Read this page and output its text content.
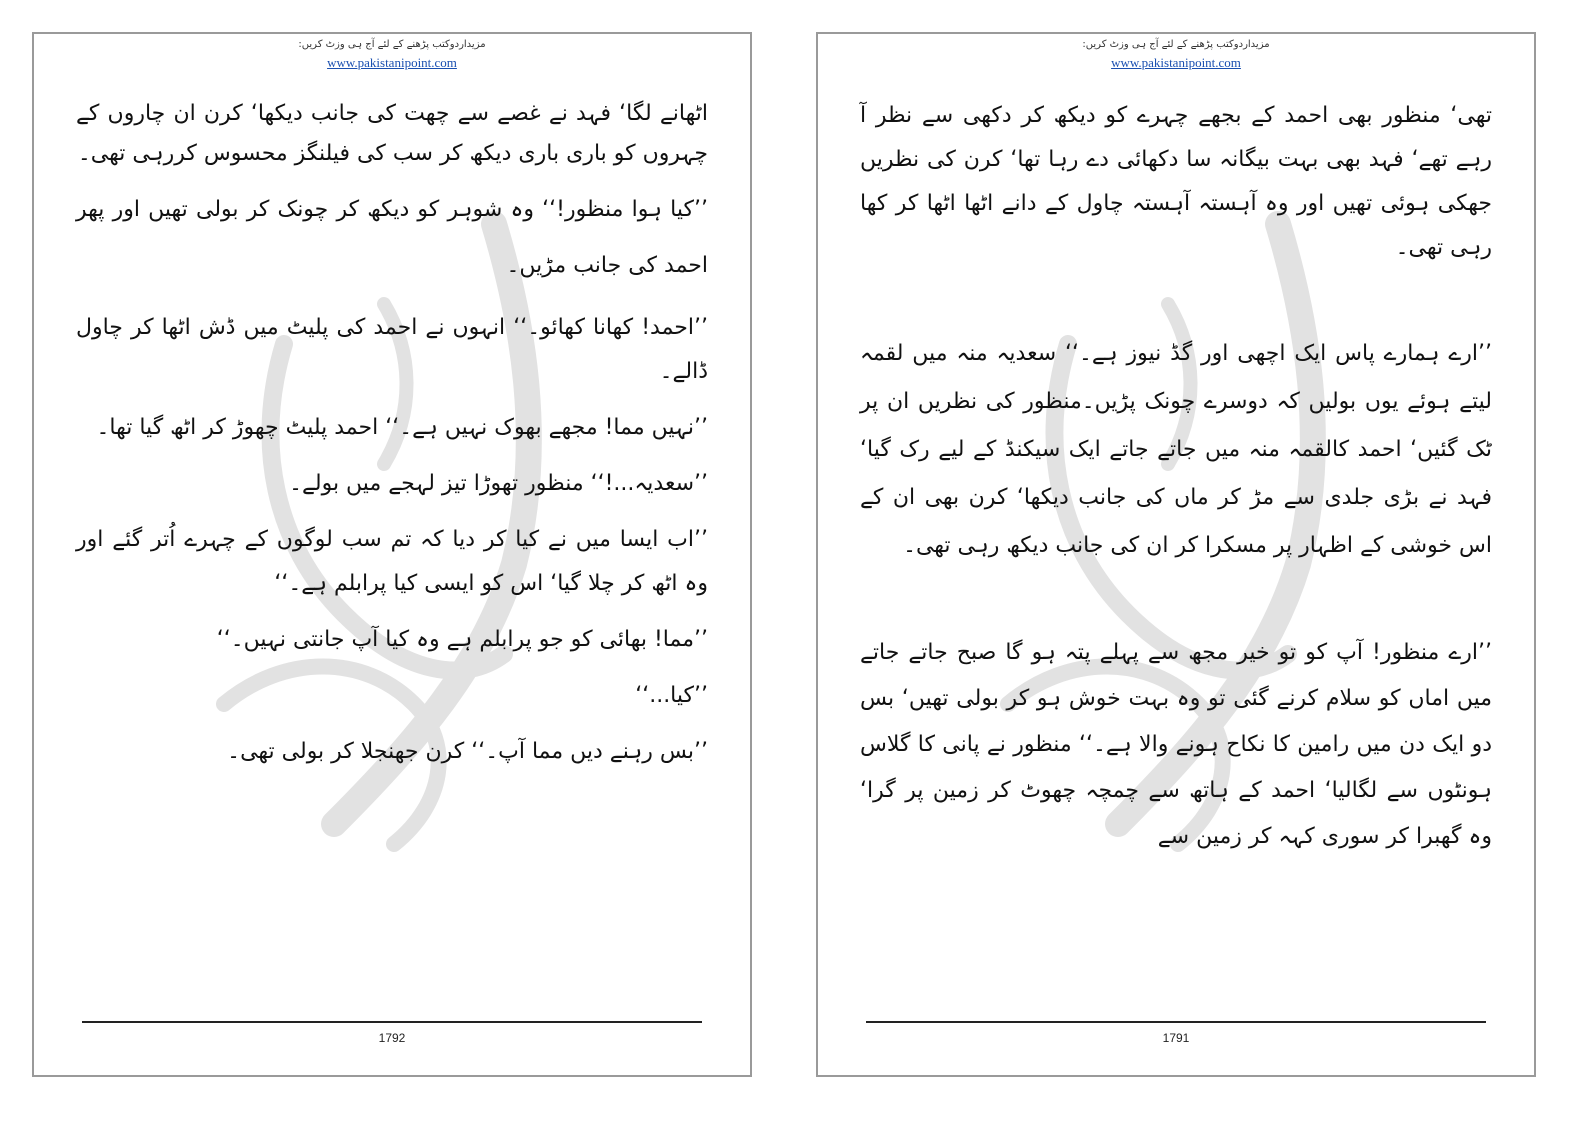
مزیداردوکتب پڑھنے کے لئے آج ہی وزٹ کریں:
www.pakistanipoint.com

اٹھانے لگا‘ فہد نے غصے سے چھت کی جانب دیکھا‘ کرن ان چاروں کے چہروں کو باری باری دیکھ کر سب کی فیلنگز محسوس کررہی تھی۔

’’کیا ہوا منظور!‘‘ وہ شوہر کو دیکھ کر چونک کر بولی تھیں اور پھر احمد کی جانب مڑیں۔

’’احمد! کھانا کھائو۔‘‘ انہوں نے احمد کی پلیٹ میں ڈش اٹھا کر چاول ڈالے۔

’’نہیں مما! مجھے بھوک نہیں ہے۔‘‘ احمد پلیٹ چھوڑ کر اٹھ گیا تھا۔

’’سعدیہ...!‘‘ منظور تھوڑا تیز لہجے میں بولے۔

’’اب ایسا میں نے کیا کر دیا کہ تم سب لوگوں کے چہرے اُتر گئے اور وہ اٹھ کر چلا گیا‘ اس کو ایسی کیا پرابلم ہے۔‘‘

’’مما! بھائی کو جو پرابلم ہے وہ کیا آپ جانتی نہیں۔‘‘

’’کیا...‘‘

’’بس رہنے دیں مما آپ۔‘‘ کرن جھنجلا کر بولی تھی۔

1792
مزیداردوکتب پڑھنے کے لئے آج ہی وزٹ کریں:
www.pakistanipoint.com

تھی‘ منظور بھی احمد کے بجھے چہرے کو دیکھ کر دکھی سے نظر آ رہے تھے‘ فہد بھی بہت بیگانہ سا دکھائی دے رہا تھا‘ کرن کی نظریں جھکی ہوئی تھیں اور وہ آہستہ آہستہ چاول کے دانے اٹھا اٹھا کر کھا رہی تھی۔

’’ارے ہمارے پاس ایک اچھی اور گڈ نیوز ہے۔‘‘ سعدیہ منہ میں لقمہ لیتے ہوئے یوں بولیں کہ دوسرے چونک پڑیں۔منظور کی نظریں ان پر ٹک گئیں‘ احمد کالقمہ منہ میں جاتے جاتے ایک سیکنڈ کے لیے رک گیا‘ فہد نے بڑی جلدی سے مڑ کر ماں کی جانب دیکھا‘ کرن بھی ان کے اس خوشی کے اظہار پر مسکرا کر ان کی جانب دیکھ رہی تھی۔

’’ارے منظور! آپ کو تو خیر مجھ سے پہلے پتہ ہو گا صبح جاتے جاتے میں اماں کو سلام کرنے گئی تو وہ بہت خوش ہو کر بولی تھیں‘ بس دو ایک دن میں رامین کا نکاح ہونے والا ہے۔‘‘ منظور نے پانی کا گلاس ہونٹوں سے لگالیا‘ احمد کے ہاتھ سے چمچہ چھوٹ کر زمین پر گرا‘ وہ گھبرا کر سوری کہہ کر زمین سے

1791
